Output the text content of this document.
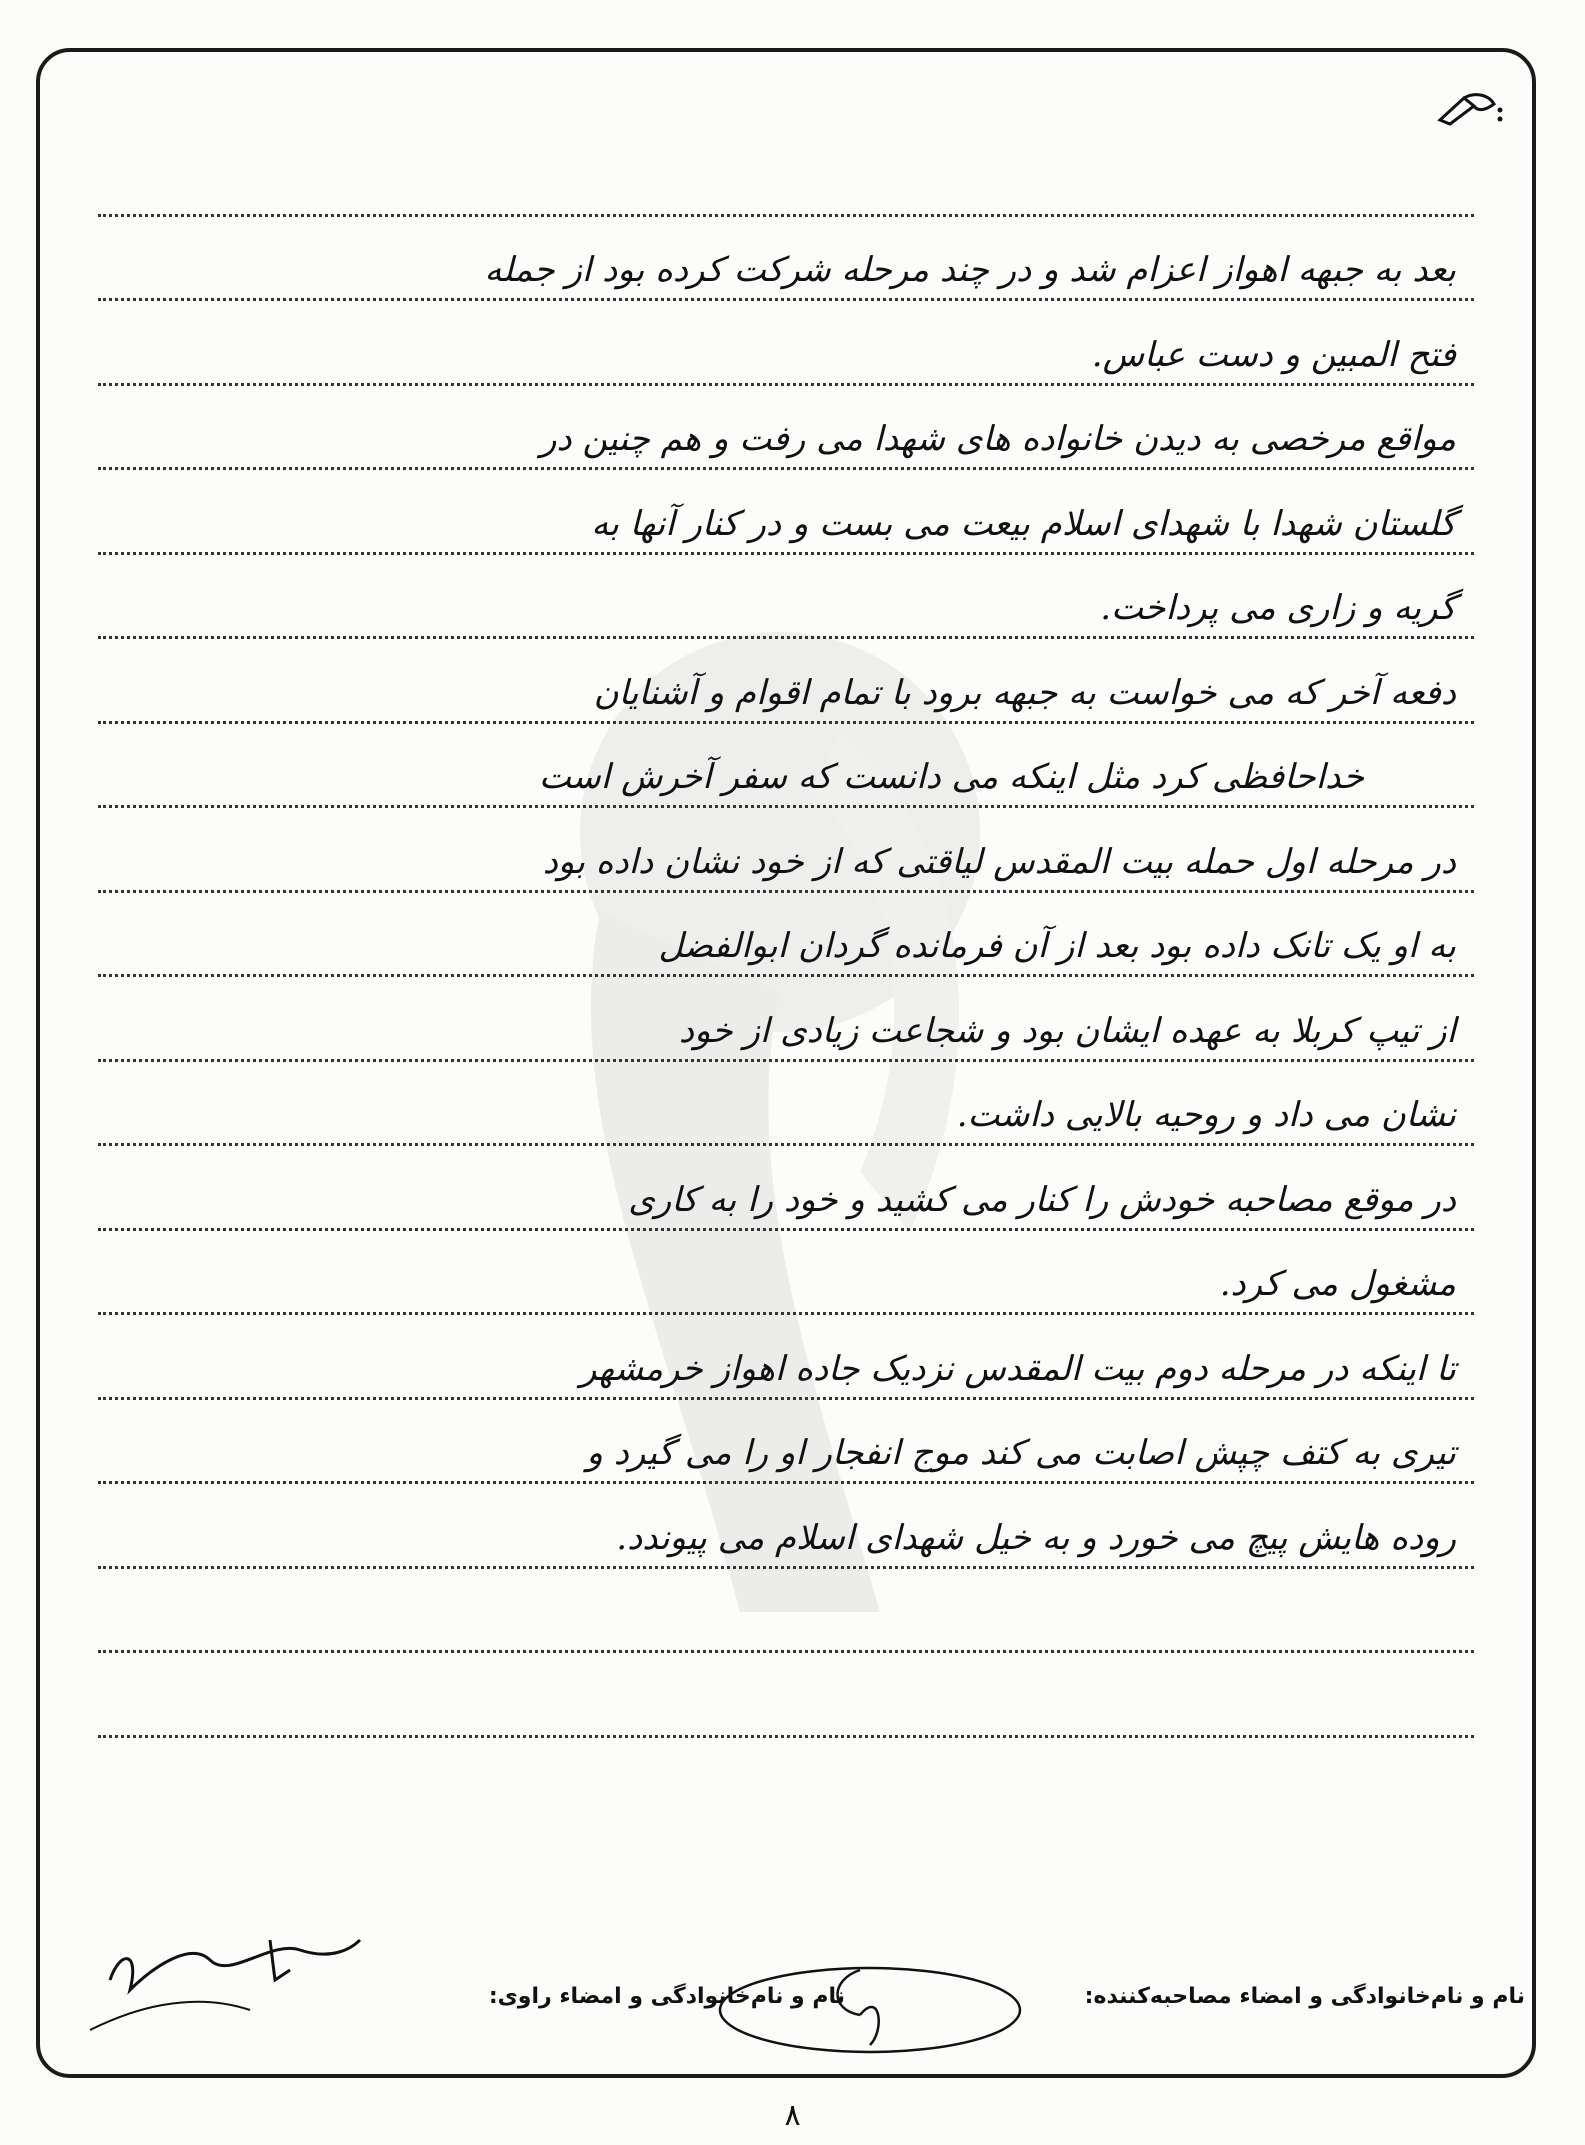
بعد به جبهه اهواز اعزام شد و در چند مرحله شرکت کرده بود از جمله
فتح المبین و دست عباس.
مواقع مرخصی به دیدن خانواده های شهدا می رفت و هم چنین در
گلستان شهدا با شهدای اسلام بیعت می بست و در کنار آنها به
گریه و زاری می پرداخت.
دفعه آخر که می خواست به جبهه برود با تمام اقوام و آشنایان
خداحافظی کرد مثل اینکه می دانست که سفر آخرش است
در مرحله اول حمله بیت المقدس لیاقتی که از خود نشان داده بود
به او یک تانک داده بود بعد از آن فرمانده گردان ابوالفضل
از تیپ کربلا به عهده ایشان بود و شجاعت زیادی از خود
نشان می داد و روحیه بالایی داشت.
در موقع مصاحبه خودش را کنار می کشید و خود را به کاری
مشغول می کرد.
تا اینکه در مرحله دوم بیت المقدس نزدیک جاده اهواز خرمشهر
تیری به کتف چپش اصابت می کند موج انفجار او را می گیرد و
روده هایش پیچ می خورد و به خیل شهدای اسلام می پیوندد.
نام و نام‌خانوادگی و امضاء مصاحبه‌کننده:
نام و نام‌خانوادگی و امضاء راوی:
۸
